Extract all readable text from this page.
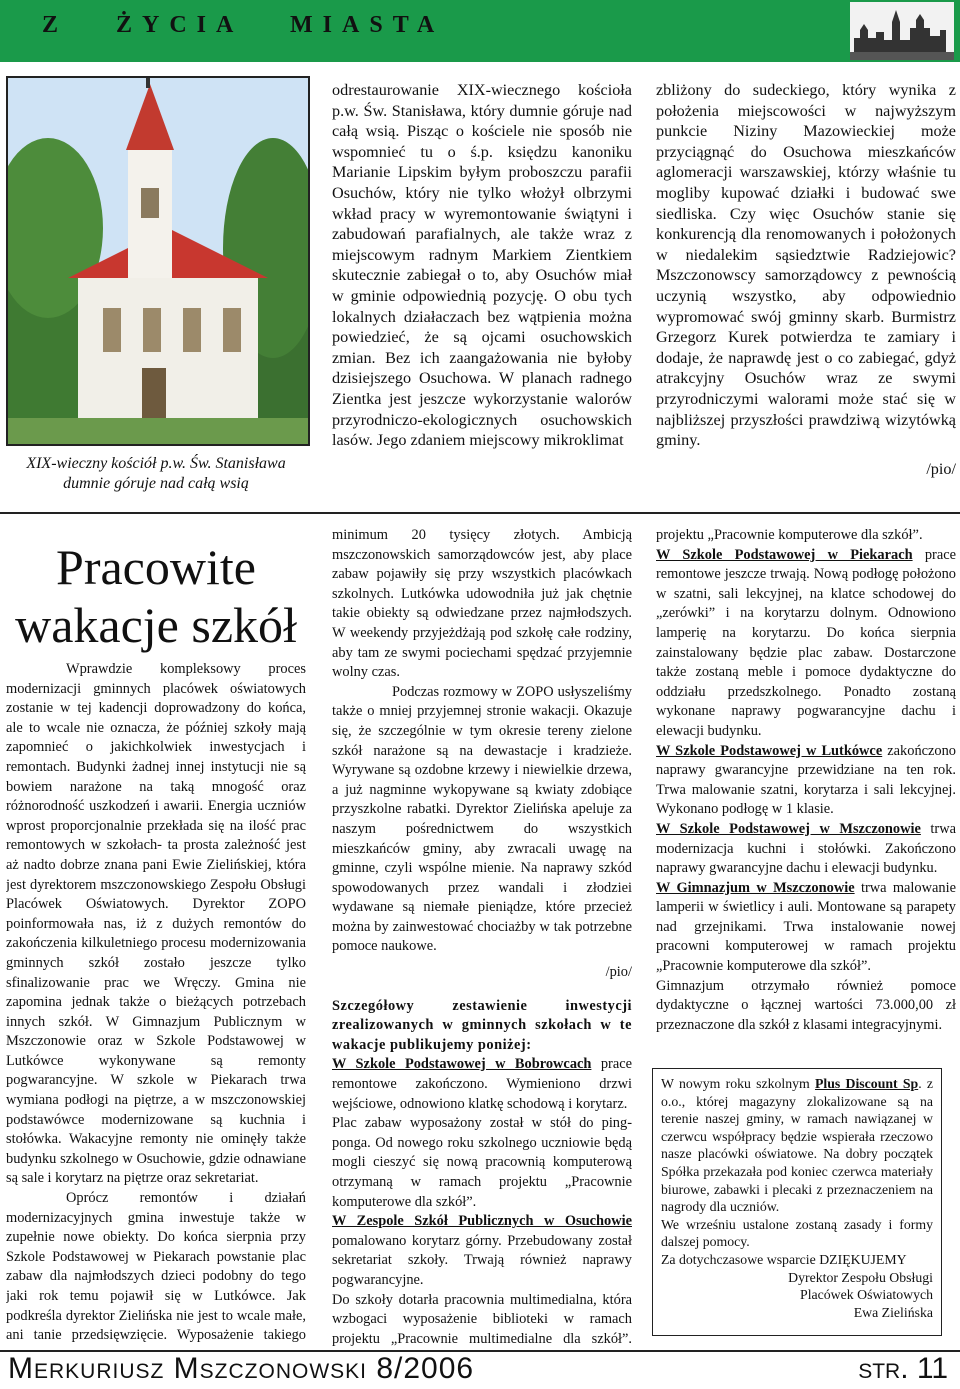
Z   ŻYCIA   MIASTA
XIX-wieczny kościół p.w. Św. Stanisława dumnie góruje nad całą wsią

odrestaurowanie XIX-wiecznego kościoła p.w. Św. Stanisława, który dumnie góruje nad całą wsią. Pisząc o kościele nie sposób nie wspomnieć tu o ś.p. księdzu kanoniku Marianie Lipskim byłym proboszczu parafii Osuchów, który nie tylko włożył olbrzymi wkład pracy w wyremontowanie świątyni i zabudowań parafialnych, ale także wraz z miejscowym radnym Markiem Zientkiem skutecznie zabiegał o to, aby Osuchów miał w gminie odpowiednią pozycję. O obu tych lokalnych działaczach bez wątpienia można powiedzieć, że są ojcami osuchowskich zmian. Bez ich zaangażowania nie byłoby dzisiejszego Osuchowa. W planach radnego Zientka jest jeszcze wykorzystanie walorów przyrodniczo-ekologicznych osuchowskich lasów. Jego zdaniem miejscowy mikroklimat

zbliżony do sudeckiego, który wynika z położenia miejscowości w najwyższym punkcie Niziny Mazowieckiej może przyciągnąć do Osuchowa mieszkańców aglomeracji warszawskiej, którzy właśnie tu mogliby kupować działki i budować swe siedliska. Czy więc Osuchów stanie się konkurencją dla renomowanych i położonych w niedalekim sąsiedztwie Radziejowic? Mszczonowscy samorządowcy z pewnością uczynią wszystko, aby odpowiednio wypromować swój gminny skarb. Burmistrz Grzegorz Kurek potwierdza te zamiary i dodaje, że naprawdę jest o co zabiegać, gdyż atrakcyjny Osuchów wraz ze swymi przyrodniczymi walorami może stać się w najbliższej przyszłości prawdziwą wizytówką gminy.

/pio/

Pracowite wakacje szkół

Wprawdzie kompleksowy proces modernizacji gminnych placówek oświatowych zostanie w tej kadencji doprowadzony do końca, ale to wcale nie oznacza, że później szkoły mają zapomnieć o jakichkolwiek inwestycjach i remontach. Budynki żadnej innej instytucji nie są bowiem narażone na taką mnogość oraz różnorodność uszkodzeń i awarii. Energia uczniów wprost proporcjonalnie przekłada się na ilość prac remontowych w szkołach- ta prosta zależność jest aż nadto dobrze znana pani Ewie Zielińskiej, która jest dyrektorem mszczonowskiego Zespołu Obsługi Placówek Oświatowych. Dyrektor ZOPO poinformowała nas, iż z dużych remontów do zakończenia kilkuletniego procesu modernizowania gminnych szkół zostało jeszcze tylko sfinalizowanie prac we Wręczy. Gmina nie zapomina jednak także o bieżących potrzebach innych szkół. W Gimnazjum Publicznym w Mszczonowie oraz w Szkole Podstawowej w Lutkówce wykonywane są remonty pogwarancyjne. W szkole w Piekarach trwa wymiana podłogi na piętrze, a w mszczonowskiej podstawówce modernizowane są kuchnia i stołówka. Wakacyjne remonty nie ominęły także budynku szkolnego w Osuchowie, gdzie odnawiane są sale i korytarz na piętrze oraz sekretariat.

Oprócz remontów i działań modernizacyjnych gmina inwestuje także w zupełnie nowe obiekty. Do końca sierpnia przy Szkole Podstawowej w Piekarach powstanie plac zabaw dla najmłodszych dzieci podobny do tego jaki rok temu pojawił się w Lutkówce. Jak podkreśla dyrektor Zielińska nie jest to wcale małe, ani tanie przedsięwzięcie. Wyposażenie takiego

minimum 20 tysięcy złotych. Ambicją mszczonowskich samorządowców jest, aby place zabaw pojawiły się przy wszystkich placówkach szkolnych. Lutkówka udowodniła już jak chętnie takie obiekty są odwiedzane przez najmłodszych. W weekendy przyjeżdżają pod szkołę całe rodziny, aby tam ze swymi pociechami spędzać przyjemnie wolny czas.

Podczas rozmowy w ZOPO usłyszeliśmy także o mniej przyjemnej stronie wakacji. Okazuje się, że szczególnie w tym okresie tereny zielone szkół narażone są na dewastacje i kradzieże. Wyrywane są ozdobne krzewy i niewielkie drzewa, a już nagminne wykopywane są kwiaty zdobiące przyszkolne rabatki. Dyrektor Zielińska apeluje za naszym pośrednictwem do wszystkich mieszkańców gminy, aby zwracali uwagę na gminne, czyli wspólne mienie. Na naprawy szkód spowodowanych przez wandali i złodziei wydawane są niemałe pieniądze, które przecież można by zainwestować chociażby w tak potrzebne pomoce naukowe.

/pio/

Szczegółowy zestawienie inwestycji zrealizowanych w gminnych szkołach w te wakacje publikujemy poniżej:

W Szkole Podstawowej w Bobrowcach prace remontowe zakończono. Wymieniono drzwi wejściowe, odnowiono klatkę schodową i korytarz.

Plac zabaw wyposażony został w stół do ping-ponga. Od nowego roku szkolnego uczniowie będą mogli cieszyć się nową pracownią komputerową otrzymaną w ramach projektu „Pracownie komputerowe dla szkół”.

W Zespole Szkół Publicznych w Osuchowie pomalowano korytarz górny. Przebudowany został sekretariat szkoły. Trwają również naprawy pogwarancyjne.

Do szkoły dotarła pracownia multimedialna, która wzbogaci wyposażenie biblioteki w ramach projektu „Pracownie multimedialne dla szkół”.

projektu „Pracownie komputerowe dla szkół”.

W Szkole Podstawowej w Piekarach prace remontowe jeszcze trwają. Nową podłogę położono w szatni, sali lekcyjnej, na klatce schodowej do „zerówki” i na korytarzu dolnym. Odnowiono lamperię na korytarzu. Do końca sierpnia zainstalowany będzie plac zabaw. Dostarczone także zostaną meble i pomoce dydaktyczne do oddziału przedszkolnego. Ponadto zostaną wykonane naprawy pogwarancyjne dachu i elewacji budynku.

W Szkole Podstawowej w Lutkówce zakończono naprawy gwarancyjne przewidziane na ten rok. Trwa malowanie szatni, korytarza i sali lekcyjnej. Wykonano podłogę w 1 klasie.

W Szkole Podstawowej w Mszczonowie trwa modernizacja kuchni i stołówki. Zakończono naprawy gwarancyjne dachu i elewacji budynku.

W Gimnazjum w Mszczonowie trwa malowanie lamperii w świetlicy i auli. Montowane są parapety nad grzejnikami. Trwa instalowanie nowej pracowni komputerowej w ramach projektu „Pracownie komputerowe dla szkół”.

Gimnazjum otrzymało również pomoce dydaktyczne o łącznej wartości 73.000,00 zł przeznaczone dla szkół z klasami integracyjnymi.

W nowym roku szkolnym Plus Discount Sp. z o.o., której magazyny zlokalizowane są na terenie naszej gminy, w ramach nawiązanej w czerwcu współpracy będzie wspierała rzeczowo nasze placówki oświatowe. Na dobry początek Spółka przekazała pod koniec czerwca materiały biurowe, zabawki i plecaki z przeznaczeniem na nagrody dla uczniów.

We wrześniu ustalone zostaną zasady i formy dalszej pomocy.

Za dotychczasowe wsparcie DZIĘKUJEMY

Dyrektor Zespołu Obsługi

Placówek Oświatowych

Ewa Zielińska

Merkuriusz Mszczonowski 8/2006	str. 11
